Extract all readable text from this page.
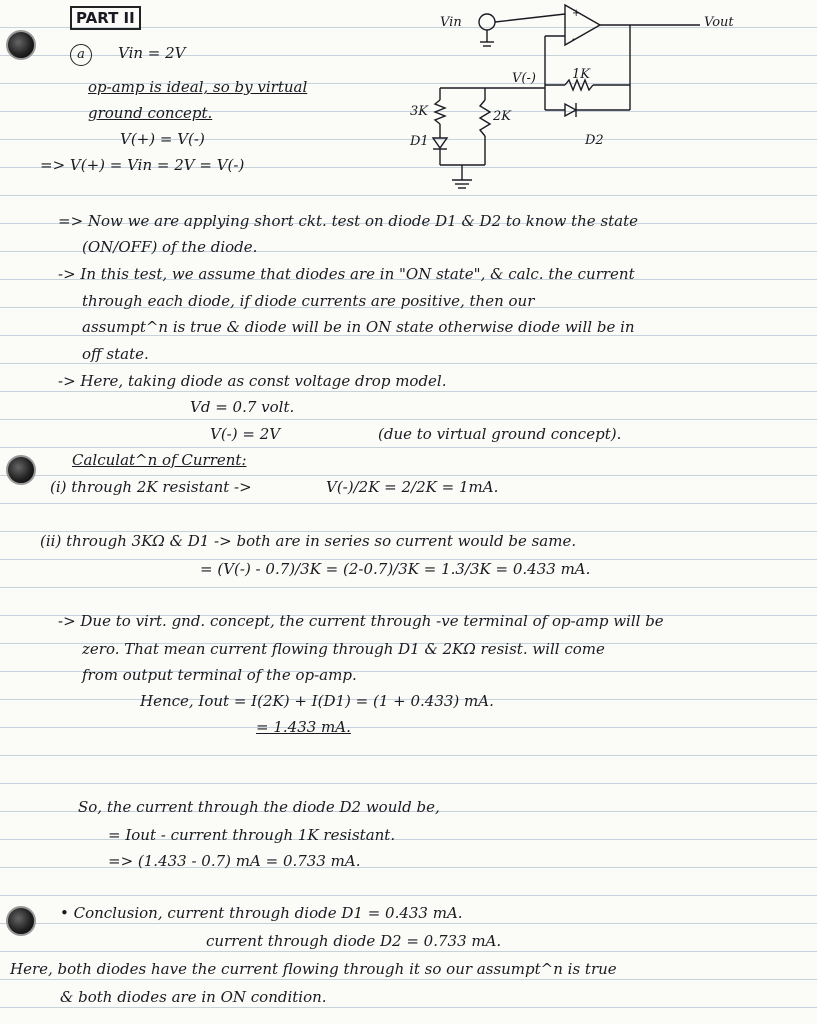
PART II
a
+
-
Vin	Vout
V(-)	1K
3K	2K
D1	D2
Vin = 2V
op-amp is ideal, so by virtual
ground concept.
V(+) = V(-)
=> V(+) = Vin = 2V = V(-)
=> Now we are applying short ckt. test on diode D1 & D2 to know the state
(ON/OFF) of the diode.
-> In this test, we assume that diodes are in "ON state", & calc. the current
through each diode, if diode currents are positive, then our
assumpt^n is true & diode will be in ON state otherwise diode will be in
off state.
-> Here, taking diode as const voltage drop model.
Vd = 0.7 volt.
V(-) = 2V	(due to virtual ground concept).
Calculat^n of Current:
(i) through 2K resistant ->	V(-)/2K = 2/2K = 1mA.
(ii) through 3KΩ & D1 -> both are in series so current would be same.
= (V(-) - 0.7)/3K = (2-0.7)/3K = 1.3/3K = 0.433 mA.
-> Due to virt. gnd. concept, the current through -ve terminal of op-amp will be
zero. That mean current flowing through D1 & 2KΩ resist. will come
from output terminal of the op-amp.
Hence, Iout = I(2K) + I(D1) = (1 + 0.433) mA.
= 1.433 mA.
So, the current through the diode D2 would be,
= Iout - current through 1K resistant.
=> (1.433 - 0.7) mA = 0.733 mA.
• Conclusion, current through diode D1 = 0.433 mA.
current through diode D2 = 0.733 mA.
Here, both diodes have the current flowing through it so our assumpt^n is true
& both diodes are in ON condition.
